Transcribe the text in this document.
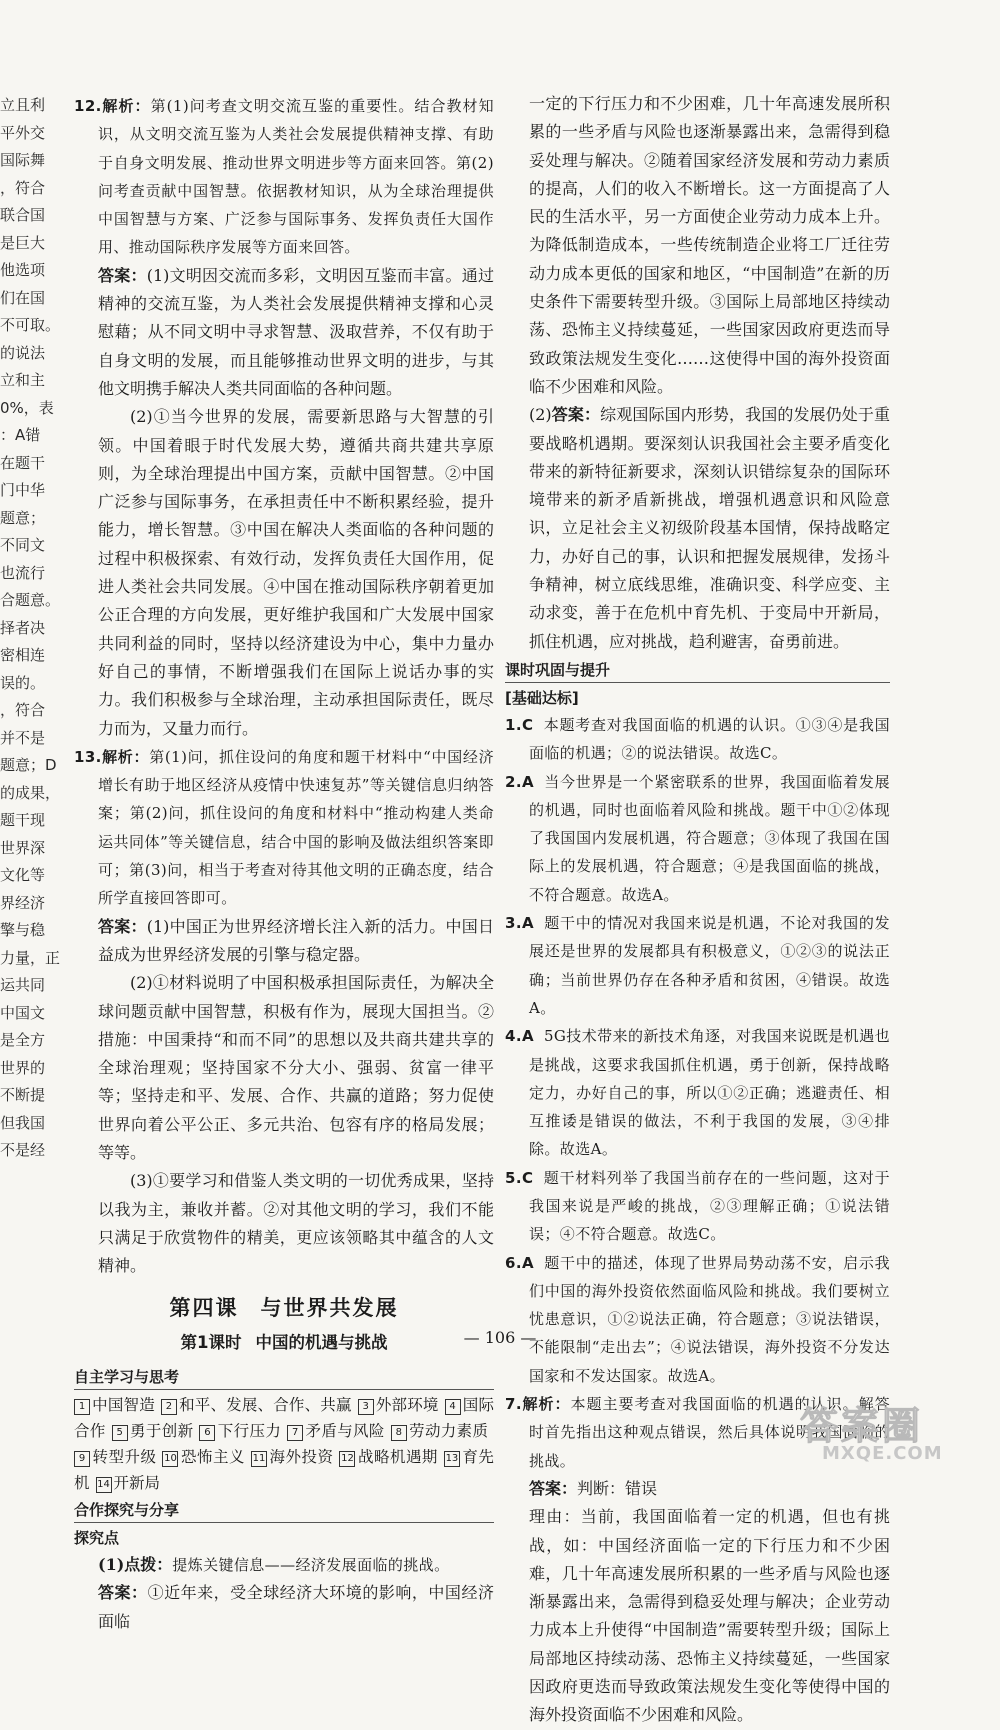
立且利
平外交
国际舞
，符合
联合国
是巨大
他选项
们在国
不可取。
的说法
立和主
0%，表
：A错
在题干
门中华
题意；
不同文
也流行
合题意。
择者决
密相连
误的。
，符合
并不是
题意；D
的成果，
题干现
世界深
文化等
界经济
擎与稳
力量，正
运共同
中国文
是全方
世界的
不断提
但我国
不是经
12.解析：第(1)问考查文明交流互鉴的重要性。结合教材知识，从文明交流互鉴为人类社会发展提供精神支撑、有助于自身文明发展、推动世界文明进步等方面来回答。第(2)问考查贡献中国智慧。依据教材知识，从为全球治理提供中国智慧与方案、广泛参与国际事务、发挥负责任大国作用、推动国际秩序发展等方面来回答。
答案：(1)文明因交流而多彩，文明因互鉴而丰富。通过精神的交流互鉴，为人类社会发展提供精神支撑和心灵慰藉；从不同文明中寻求智慧、汲取营养，不仅有助于自身文明的发展，而且能够推动世界文明的进步，与其他文明携手解决人类共同面临的各种问题。
(2)①当今世界的发展，需要新思路与大智慧的引领。中国着眼于时代发展大势，遵循共商共建共享原则，为全球治理提出中国方案，贡献中国智慧。②中国广泛参与国际事务，在承担责任中不断积累经验，提升能力，增长智慧。③中国在解决人类面临的各种问题的过程中积极探索、有效行动，发挥负责任大国作用，促进人类社会共同发展。④中国在推动国际秩序朝着更加公正合理的方向发展，更好维护我国和广大发展中国家共同利益的同时，坚持以经济建设为中心，集中力量办好自己的事情，不断增强我们在国际上说话办事的实力。我们积极参与全球治理，主动承担国际责任，既尽力而为，又量力而行。
13.解析：第(1)问，抓住设问的角度和题干材料中“中国经济增长有助于地区经济从疫情中快速复苏”等关键信息归纳答案；第(2)问，抓住设问的角度和材料中“推动构建人类命运共同体”等关键信息，结合中国的影响及做法组织答案即可；第(3)问，相当于考查对待其他文明的正确态度，结合所学直接回答即可。
答案：(1)中国正为世界经济增长注入新的活力。中国日益成为世界经济发展的引擎与稳定器。
(2)①材料说明了中国积极承担国际责任，为解决全球问题贡献中国智慧，积极有作为，展现大国担当。②措施：中国秉持“和而不同”的思想以及共商共建共享的全球治理观；坚持国家不分大小、强弱、贫富一律平等；坚持走和平、发展、合作、共赢的道路；努力促使世界向着公平公正、多元共治、包容有序的格局发展；等等。
(3)①要学习和借鉴人类文明的一切优秀成果，坚持以我为主，兼收并蓄。②对其他文明的学习，我们不能只满足于欣赏物件的精美，更应该领略其中蕴含的人文精神。
第四课 与世界共发展
第1课时 中国的机遇与挑战
自主学习与思考
1 中国智造 2 和平、发展、合作、共赢 3 外部环境 4 国际合作 5 勇于创新 6 下行压力 7 矛盾与风险 8 劳动力素质9 转型升级 10 恐怖主义 11 海外投资 12 战略机遇期 13 育先机 14 开新局
合作探究与分享
探究点
(1)点拨：提炼关键信息——经济发展面临的挑战。
答案：①近年来，受全球经济大环境的影响，中国经济面临
一定的下行压力和不少困难，几十年高速发展所积累的一些矛盾与风险也逐渐暴露出来，急需得到稳妥处理与解决。②随着国家经济发展和劳动力素质的提高，人们的收入不断增长。这一方面提高了人民的生活水平，另一方面使企业劳动力成本上升。为降低制造成本，一些传统制造企业将工厂迁往劳动力成本更低的国家和地区，“中国制造”在新的历史条件下需要转型升级。③国际上局部地区持续动荡、恐怖主义持续蔓延，一些国家因政府更迭而导致政策法规发生变化……这使得中国的海外投资面临不少困难和风险。
(2)答案：综观国际国内形势，我国的发展仍处于重要战略机遇期。要深刻认识我国社会主要矛盾变化带来的新特征新要求，深刻认识错综复杂的国际环境带来的新矛盾新挑战，增强机遇意识和风险意识，立足社会主义初级阶段基本国情，保持战略定力，办好自己的事，认识和把握发展规律，发扬斗争精神，树立底线思维，准确识变、科学应变、主动求变，善于在危机中育先机、于变局中开新局，抓住机遇，应对挑战，趋利避害，奋勇前进。
课时巩固与提升
[基础达标]
1.C 本题考查对我国面临的机遇的认识。①③④是我国面临的机遇；②的说法错误。故选C。
2.A 当今世界是一个紧密联系的世界，我国面临着发展的机遇，同时也面临着风险和挑战。题干中①②体现了我国国内发展机遇，符合题意；③体现了我国在国际上的发展机遇，符合题意；④是我国面临的挑战，不符合题意。故选A。
3.A 题干中的情况对我国来说是机遇，不论对我国的发展还是世界的发展都具有积极意义，①②③的说法正确；当前世界仍存在各种矛盾和贫困，④错误。故选A。
4.A 5G技术带来的新技术角逐，对我国来说既是机遇也是挑战，这要求我国抓住机遇，勇于创新，保持战略定力，办好自己的事，所以①②正确；逃避责任、相互推诿是错误的做法，不利于我国的发展，③④排除。故选A。
5.C 题干材料列举了我国当前存在的一些问题，这对于我国来说是严峻的挑战，②③理解正确；①说法错误；④不符合题意。故选C。
6.A 题干中的描述，体现了世界局势动荡不安，启示我们中国的海外投资依然面临风险和挑战。我们要树立忧患意识，①②说法正确，符合题意；③说法错误，不能限制“走出去”；④说法错误，海外投资不分发达国家和不发达国家。故选A。
7.解析：本题主要考查对我国面临的机遇的认识。解答时首先指出这种观点错误，然后具体说明我国面临的挑战。
答案：判断：错误
理由：当前，我国面临着一定的机遇，但也有挑战，如：中国经济面临一定的下行压力和不少困难，几十年高速发展所积累的一些矛盾与风险也逐渐暴露出来，急需得到稳妥处理与解决；企业劳动力成本上升使得“中国制造”需要转型升级；国际上局部地区持续动荡、恐怖主义持续蔓延，一些国家因政府更迭而导致政策法规发生变化等使得中国的海外投资面临不少困难和风险。
— 106 —
答案圈
MXQE.COM
